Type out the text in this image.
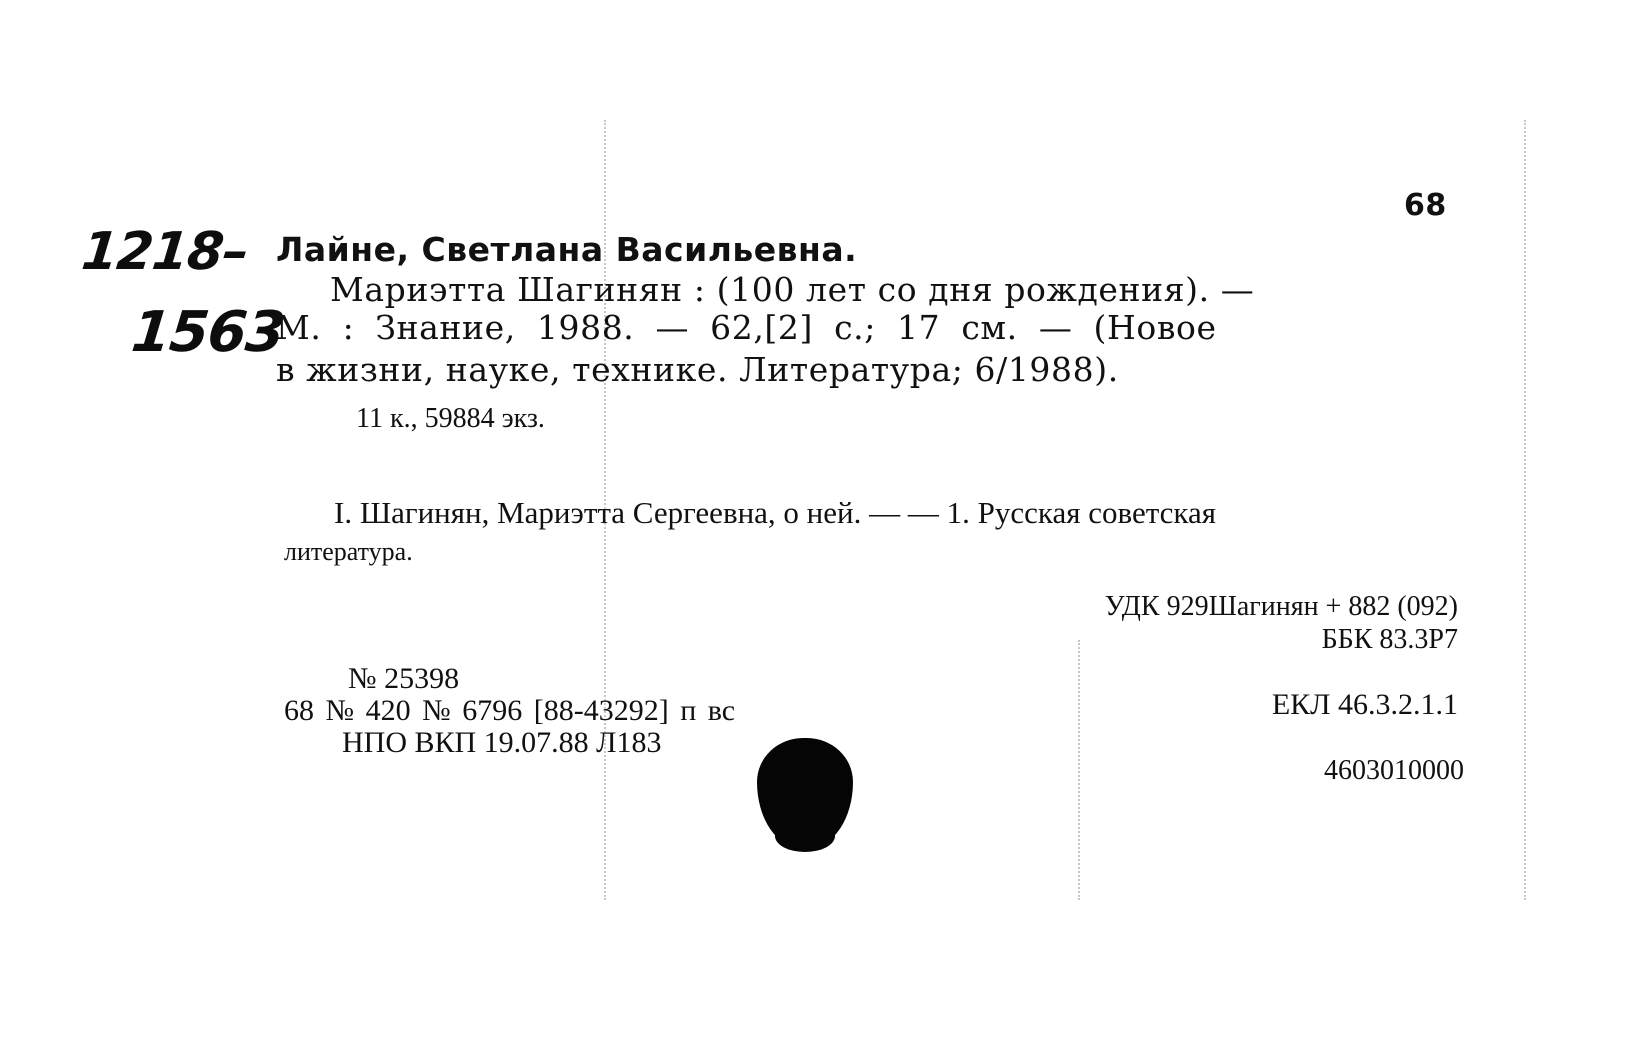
1218–
1563
68
Лайне, Светлана Васильевна.
Мариэтта Шагинян : (100 лет со дня рождения). —
М. : Знание, 1988. — 62,[2] с.; 17 см. — (Новое
в жизни, науке, технике. Литература; 6/1988).
11 к., 59884 экз.
I. Шагинян, Мариэтта Сергеевна, о ней. — — 1. Русская советская
литература.
УДК 929Шагинян + 882 (092)
ББК 83.3Р7
ЕКЛ 46.3.2.1.1
4603010000
№ 25398
68 № 420 № 6796 [88-43292] п вс
НПО ВКП 19.07.88 Л183
